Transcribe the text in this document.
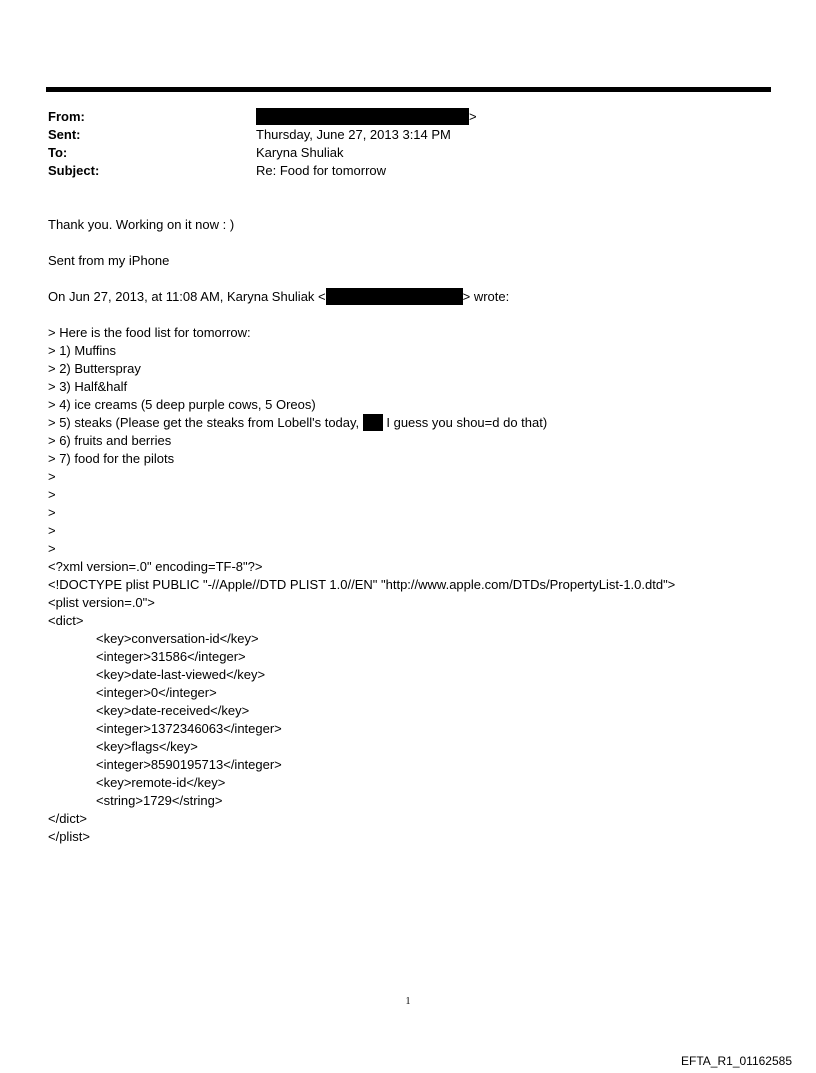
From:	>
Sent:	Thursday, June 27, 2013 3:14 PM
To:	Karyna Shuliak
Subject:	Re: Food for tomorrow
Thank you. Working on it now : )
Sent from my iPhone
On Jun 27, 2013, at 11:08 AM, Karyna Shuliak <	> wrote:
> Here is the food list for tomorrow:
> 1) Muffins
> 2) Butterspray
> 3) Half&half
> 4) ice creams (5 deep purple cows, 5 Oreos)
> 5) steaks (Please get the steaks from Lobell's today,  I guess you shou=d do that)
> 6) fruits and berries
> 7) food for the pilots
>
>
>
>
>
<?xml version=.0" encoding=TF-8"?>
<!DOCTYPE plist PUBLIC "-//Apple//DTD PLIST 1.0//EN" "http://www.apple.com/DTDs/PropertyList-1.0.dtd">
<plist version=.0">
<dict>
<key>conversation-id</key>
<integer>31586</integer>
<key>date-last-viewed</key>
<integer>0</integer>
<key>date-received</key>
<integer>1372346063</integer>
<key>flags</key>
<integer>8590195713</integer>
<key>remote-id</key>
<string>1729</string>
</dict>
</plist>
1
EFTA_R1_01162585
